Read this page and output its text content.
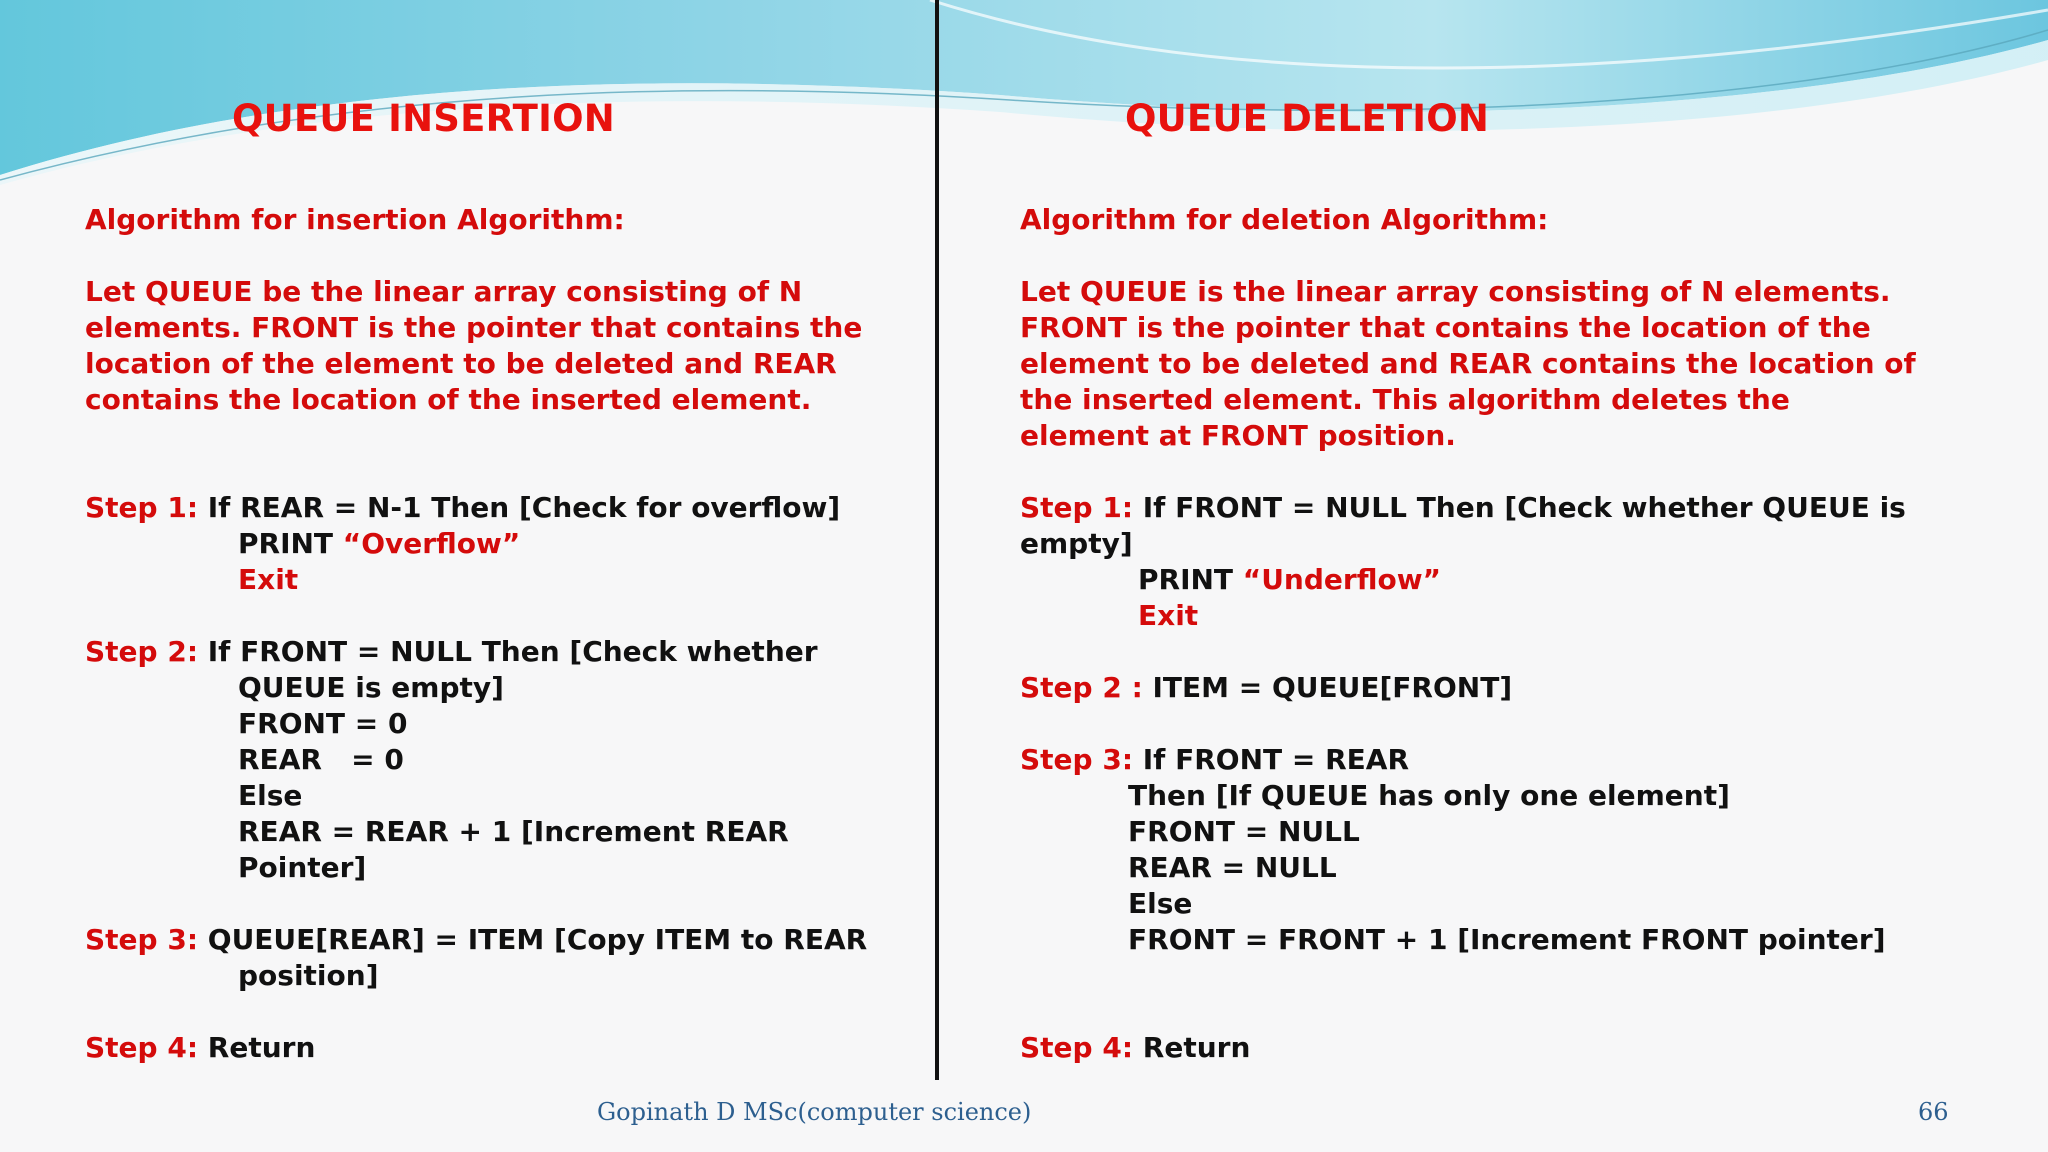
QUEUE INSERTION	QUEUE DELETION
Algorithm for insertion Algorithm:
Let QUEUE be the linear array consisting of N
elements. FRONT is the pointer that contains the
location of the element to be deleted and REAR
contains the location of the inserted element.
Step 1: If REAR = N-1 Then [Check for overflow]
PRINT “Overflow”
Exit
Step 2: If FRONT = NULL Then [Check whether
QUEUE is empty]
FRONT = 0
REAR   = 0
Else
REAR = REAR + 1 [Increment REAR
Pointer]
Step 3: QUEUE[REAR] = ITEM [Copy ITEM to REAR
position]
Step 4: Return
Algorithm for deletion Algorithm:
Let QUEUE is the linear array consisting of N elements.
FRONT is the pointer that contains the location of the
element to be deleted and REAR contains the location of
the inserted element. This algorithm deletes the
element at FRONT position.
Step 1: If FRONT = NULL Then [Check whether QUEUE is
empty]
PRINT “Underflow”
Exit
Step 2 : ITEM = QUEUE[FRONT]
Step 3: If FRONT = REAR
Then [If QUEUE has only one element]
FRONT = NULL
REAR = NULL
Else
FRONT = FRONT + 1 [Increment FRONT pointer]
Step 4: Return
Gopinath D MSc(computer science)	66
